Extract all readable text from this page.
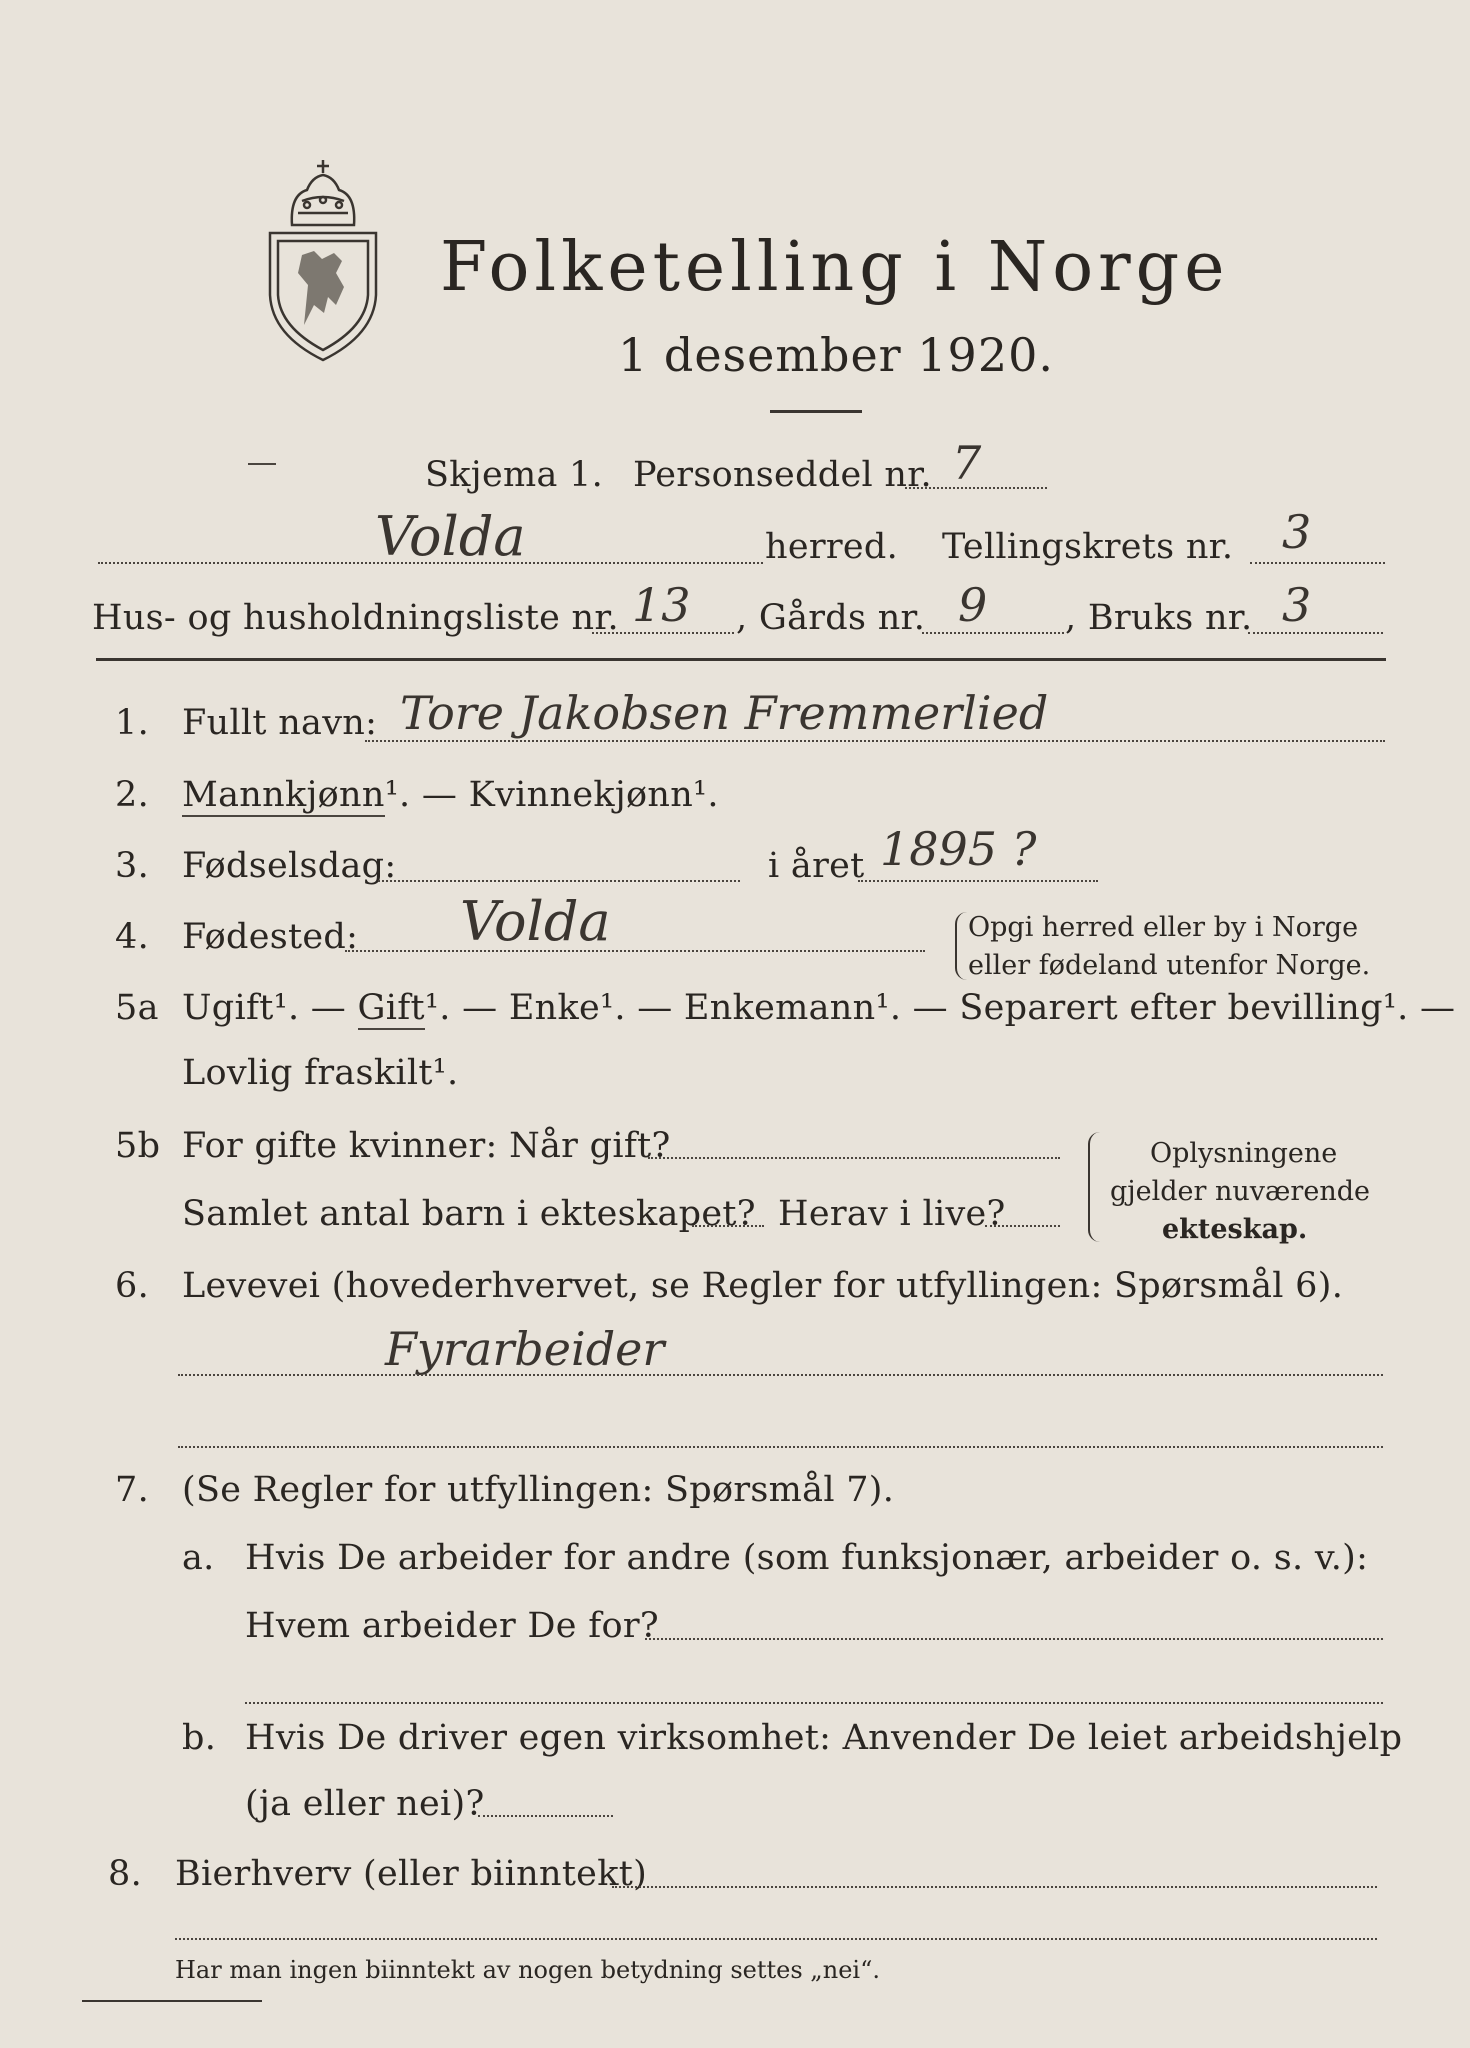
Folketelling i Norge
1 desember 1920.
Skjema 1. Personseddel nr. 7
Volda	herred. Tellingskrets nr. 3
Hus- og husholdningsliste nr. 13 , Gårds nr. 9 , Bruks nr. 3
1. Fullt navn: Tore Jakobsen Fremmerlied
2. Mannkjønn¹. — Kvinnekjønn¹.
3. Fødselsdag:	i året 1895 ?
4. Fødested: Volda	Opgi herred eller by i Norge
eller fødeland utenfor Norge.
5a Ugift¹. — Gift¹. — Enke¹. — Enkemann¹. — Separert efter bevilling¹. —
Lovlig fraskilt¹.
5b For gifte kvinner: Når gift?
Samlet antal barn i ekteskapet? Herav i live?
Oplysningene
gjelder nuværende
ekteskap.
6. Levevei (hovederhvervet, se Regler for utfyllingen: Spørsmål 6).
Fyrarbeider
7. (Se Regler for utfyllingen: Spørsmål 7).
a. Hvis De arbeider for andre (som funksjonær, arbeider o. s. v.):
Hvem arbeider De for?
b. Hvis De driver egen virksomhet: Anvender De leiet arbeidshjelp
(ja eller nei)?
8. Bierhverv (eller biinntekt)
Har man ingen biinntekt av nogen betydning settes „nei“.
